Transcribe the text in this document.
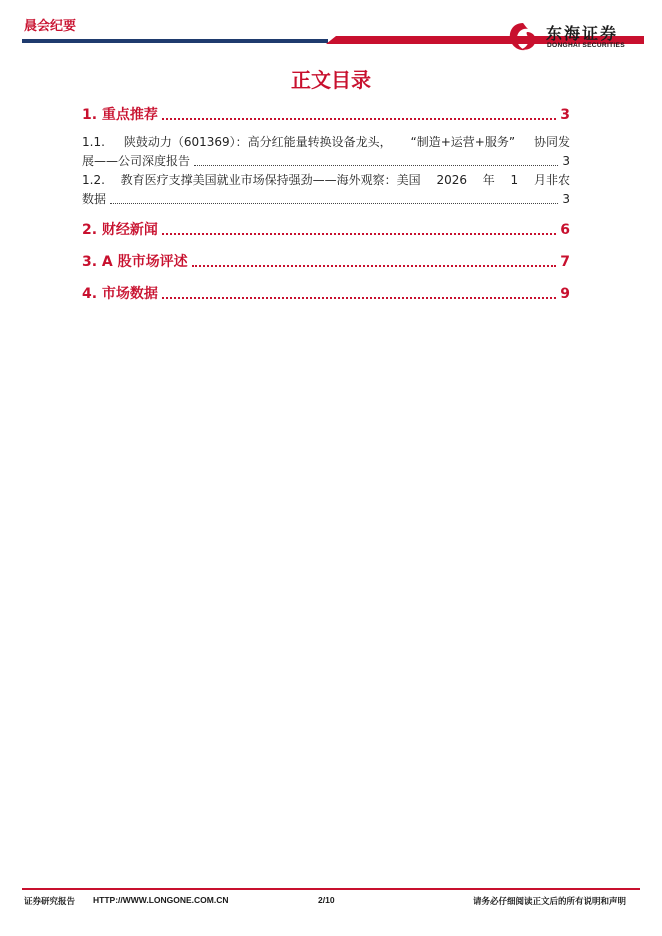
晨会纪要	东海证券
DONGHAI SECURITIES
正文目录
1. 重点推荐	3
1.1. 陕鼓动力（601369）：高分红能量转换设备龙头， “制造+运营+服务” 协同发
展——公司深度报告	3
1.2. 教育医疗支撑美国就业市场保持强劲——海外观察：美国 2026 年 1 月非农
数据	3
2. 财经新闻	6
3. A 股市场评述	7
4. 市场数据	9
证券研究报告 HTTP://WWW.LONGONE.COM.CN	2/10	请务必仔细阅读正文后的所有说明和声明
